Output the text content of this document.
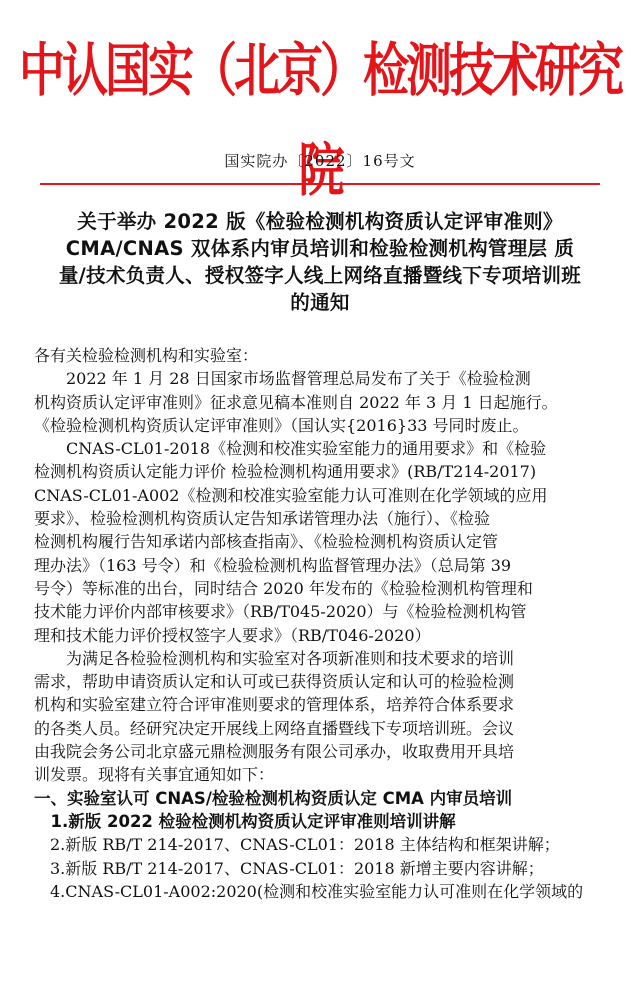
中认国实（北京）检测技术研究院
国实院办〔2022〕16号文
关于举办 2022 版《检验检测机构资质认定评审准则》
CMA/CNAS 双体系内审员培训和检验检测机构管理层 质
量/技术负责人、授权签字人线上网络直播暨线下专项培训班
的通知

各有关检验检测机构和实验室：

2022 年 1 月 28 日国家市场监督管理总局发布了关于《检验检测

机构资质认定评审准则》征求意见稿本准则自 2022 年 3 月 1 日起施行。

《检验检测机构资质认定评审准则》（国认实{2016}33 号同时废止。

CNAS-CL01-2018《检测和校准实验室能力的通用要求》和《检验

检测机构资质认定能力评价 检验检测机构通用要求》(RB/T214-2017)

CNAS-CL01-A002《检测和校准实验室能力认可准则在化学领域的应用

要求》、检验检测机构资质认定告知承诺管理办法（施行）、《检验

检测机构履行告知承诺内部核查指南》、《检验检测机构资质认定管

理办法》（163 号令）和《检验检测机构监督管理办法》（总局第 39

号令）等标准的出台，同时结合 2020 年发布的《检验检测机构管理和

技术能力评价内部审核要求》（RB/T045-2020）与《检验检测机构管

理和技术能力评价授权签字人要求》（RB/T046-2020）

为满足各检验检测机构和实验室对各项新准则和技术要求的培训

需求，帮助申请资质认定和认可或已获得资质认定和认可的检验检测

机构和实验室建立符合评审准则要求的管理体系，培养符合体系要求

的各类人员。经研究决定开展线上网络直播暨线下专项培训班。会议

由我院会务公司北京盛元鼎检测服务有限公司承办，收取费用开具培

训发票。现将有关事宜通知如下：

一、实验室认可 CNAS/检验检测机构资质认定 CMA 内审员培训

1.新版 2022 检验检测机构资质认定评审准则培训讲解

2.新版 RB/T 214-2017、CNAS-CL01：2018 主体结构和框架讲解；

3.新版 RB/T 214-2017、CNAS-CL01：2018 新增主要内容讲解；

4.CNAS-CL01-A002:2020(检测和校准实验室能力认可准则在化学领域的
